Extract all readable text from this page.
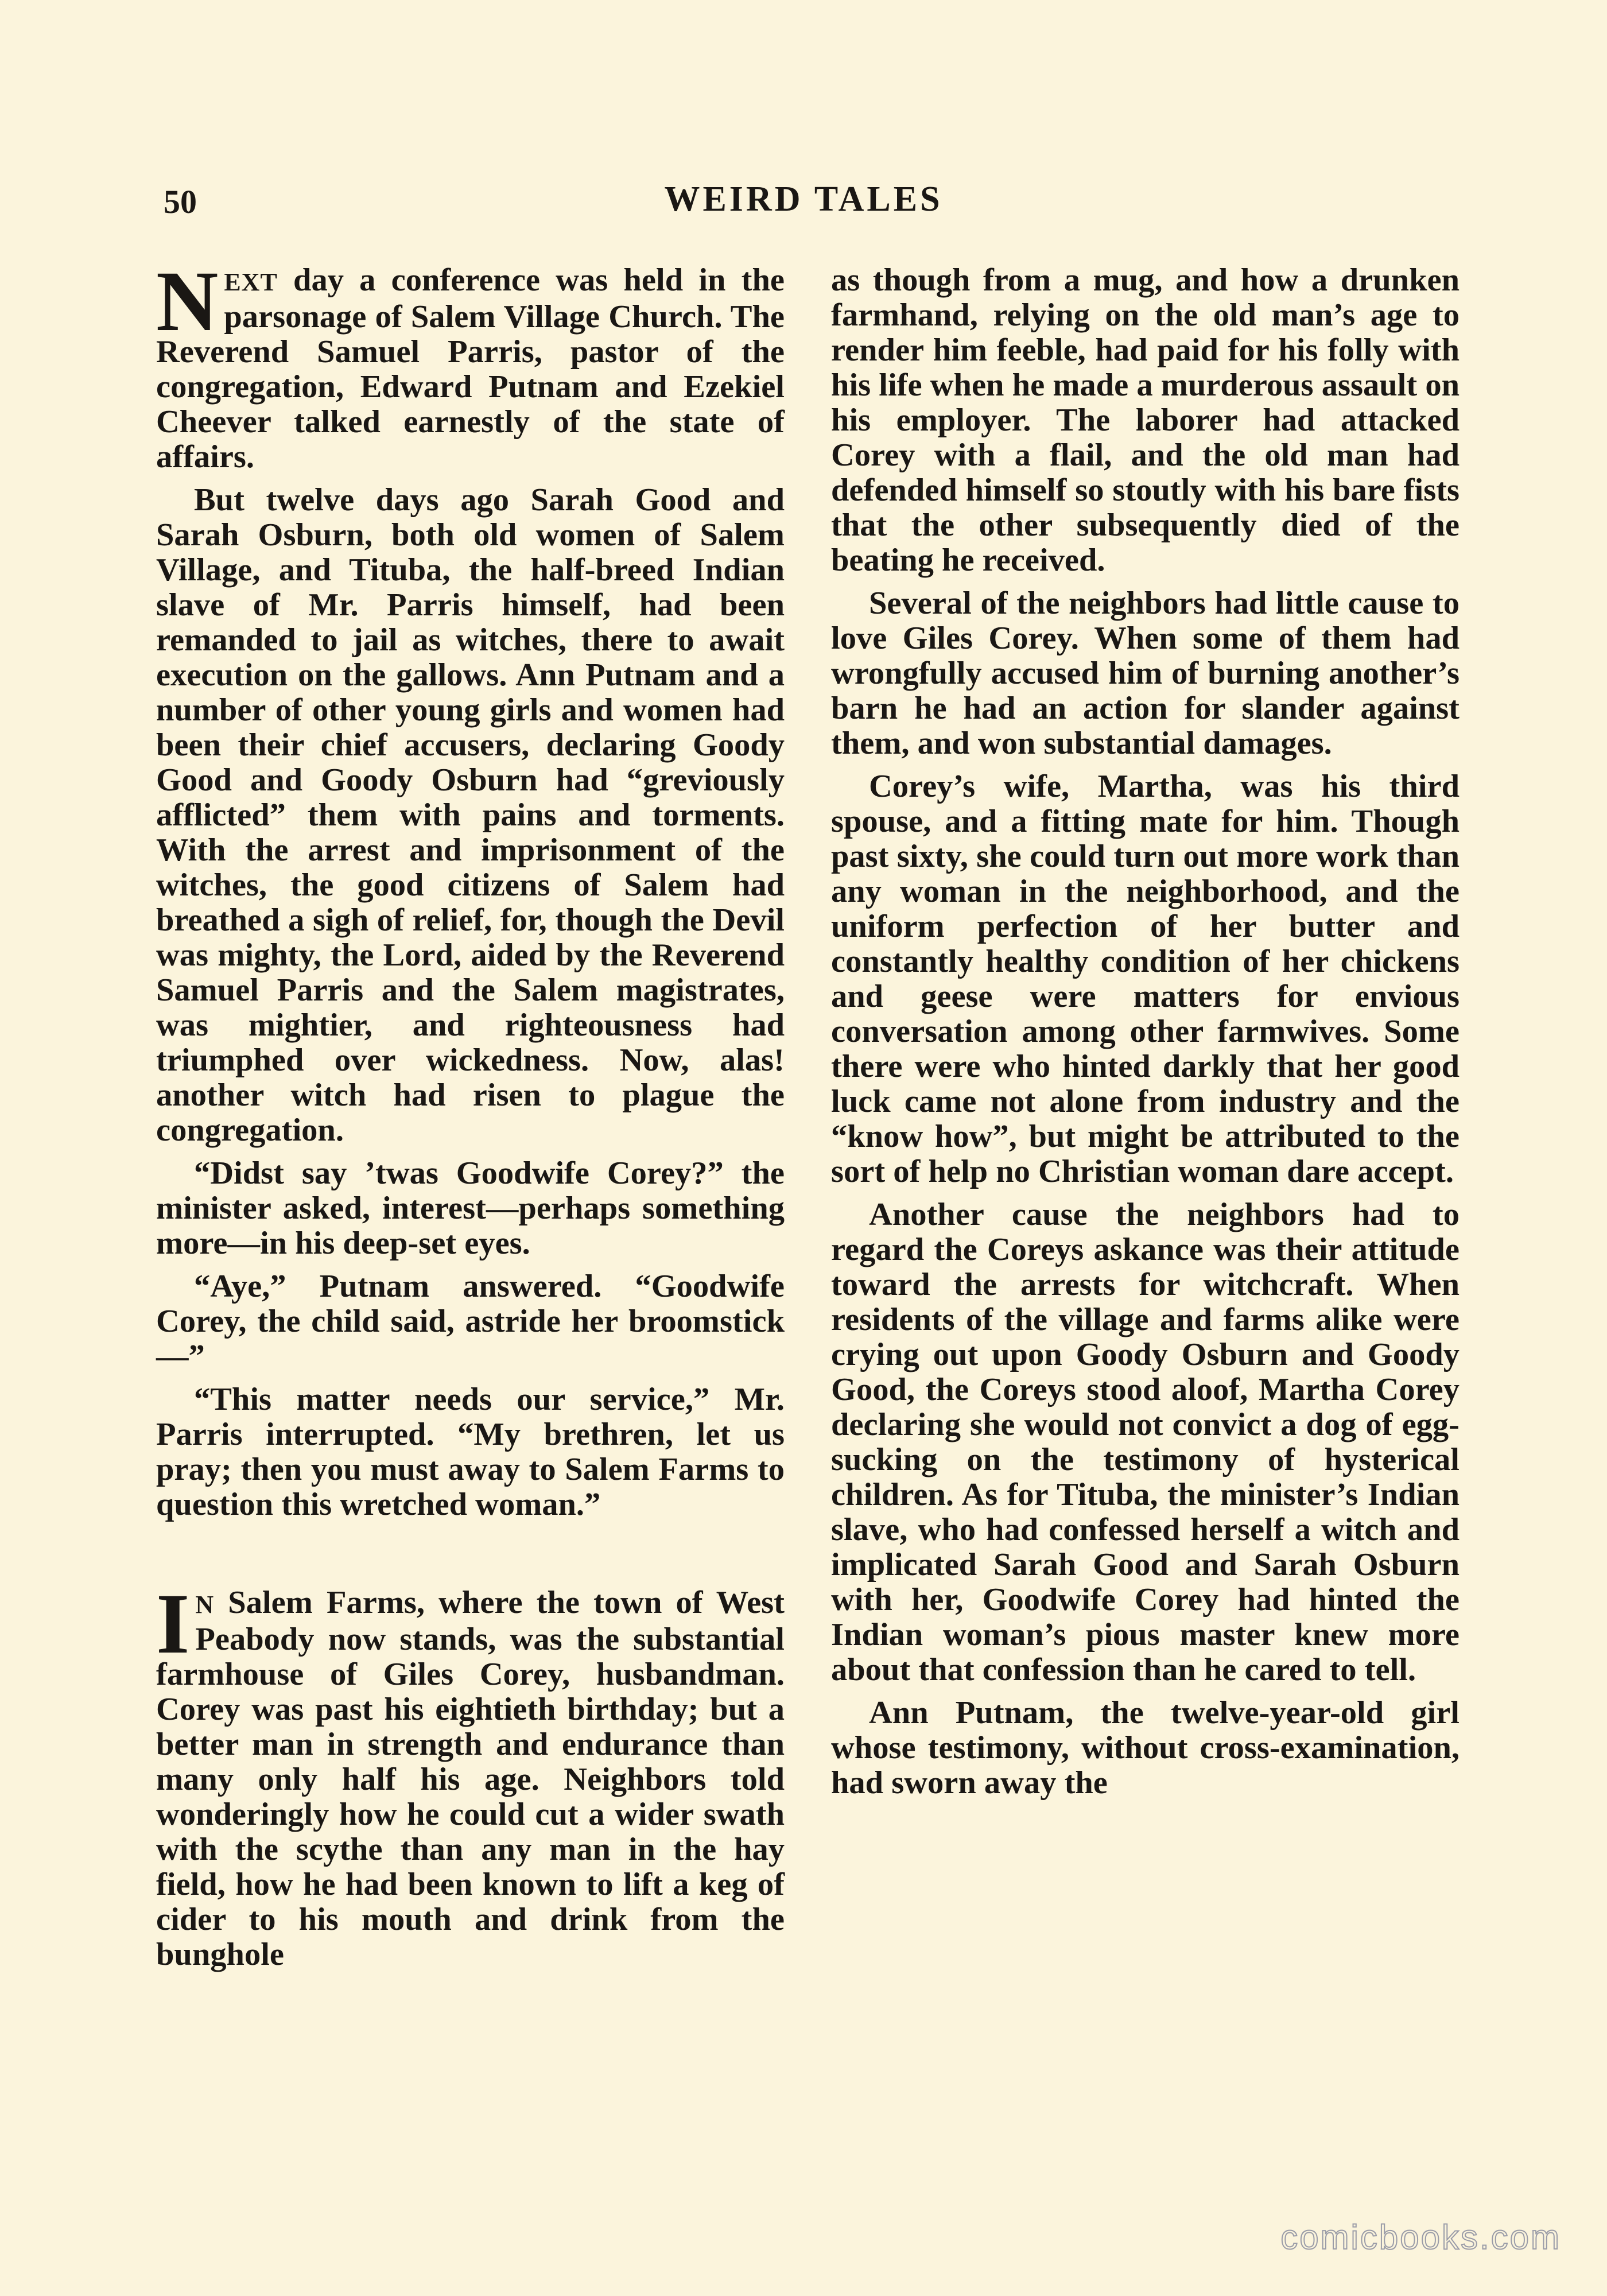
50	WEIRD TALES

NEXT day a conference was held in the parsonage of Salem Village Church. The Reverend Samuel Parris, pastor of the congregation, Edward Putnam and Ezekiel Cheever talked earnestly of the state of affairs.

But twelve days ago Sarah Good and Sarah Osburn, both old women of Salem Village, and Tituba, the half-breed Indian slave of Mr. Parris himself, had been remanded to jail as witches, there to await execution on the gallows. Ann Putnam and a number of other young girls and women had been their chief accusers, declaring Goody Good and Goody Osburn had “greviously afflicted” them with pains and torments. With the arrest and imprisonment of the witches, the good citizens of Salem had breathed a sigh of relief, for, though the Devil was mighty, the Lord, aided by the Reverend Samuel Parris and the Salem magistrates, was mightier, and righteousness had triumphed over wickedness. Now, alas! another witch had risen to plague the congregation.

“Didst say ’twas Goodwife Corey?” the minister asked, interest—perhaps something more—in his deep-set eyes.

“Aye,” Putnam answered. “Goodwife Corey, the child said, astride her broomstick—”

“This matter needs our service,” Mr. Parris interrupted. “My brethren, let us pray; then you must away to Salem Farms to question this wretched woman.”

IN Salem Farms, where the town of West Peabody now stands, was the substantial farmhouse of Giles Corey, husbandman. Corey was past his eightieth birthday; but a better man in strength and endurance than many only half his age. Neighbors told wonderingly how he could cut a wider swath with the scythe than any man in the hay field, how he had been known to lift a keg of cider to his mouth and drink from the bunghole

as though from a mug, and how a drunken farmhand, relying on the old man’s age to render him feeble, had paid for his folly with his life when he made a murderous assault on his employer. The laborer had attacked Corey with a flail, and the old man had defended himself so stoutly with his bare fists that the other subsequently died of the beating he received.

Several of the neighbors had little cause to love Giles Corey. When some of them had wrongfully accused him of burning another’s barn he had an action for slander against them, and won substantial damages.

Corey’s wife, Martha, was his third spouse, and a fitting mate for him. Though past sixty, she could turn out more work than any woman in the neighborhood, and the uniform perfection of her butter and constantly healthy condition of her chickens and geese were matters for envious conversation among other farmwives. Some there were who hinted darkly that her good luck came not alone from industry and the “know how”, but might be attributed to the sort of help no Christian woman dare accept.

Another cause the neighbors had to regard the Coreys askance was their attitude toward the arrests for witchcraft. When residents of the village and farms alike were crying out upon Goody Osburn and Goody Good, the Coreys stood aloof, Martha Corey declaring she would not convict a dog of egg-sucking on the testimony of hysterical children. As for Tituba, the minister’s Indian slave, who had confessed herself a witch and implicated Sarah Good and Sarah Osburn with her, Goodwife Corey had hinted the Indian woman’s pious master knew more about that confession than he cared to tell.

Ann Putnam, the twelve-year-old girl whose testimony, without cross-examination, had sworn away the

comicbooks.com
